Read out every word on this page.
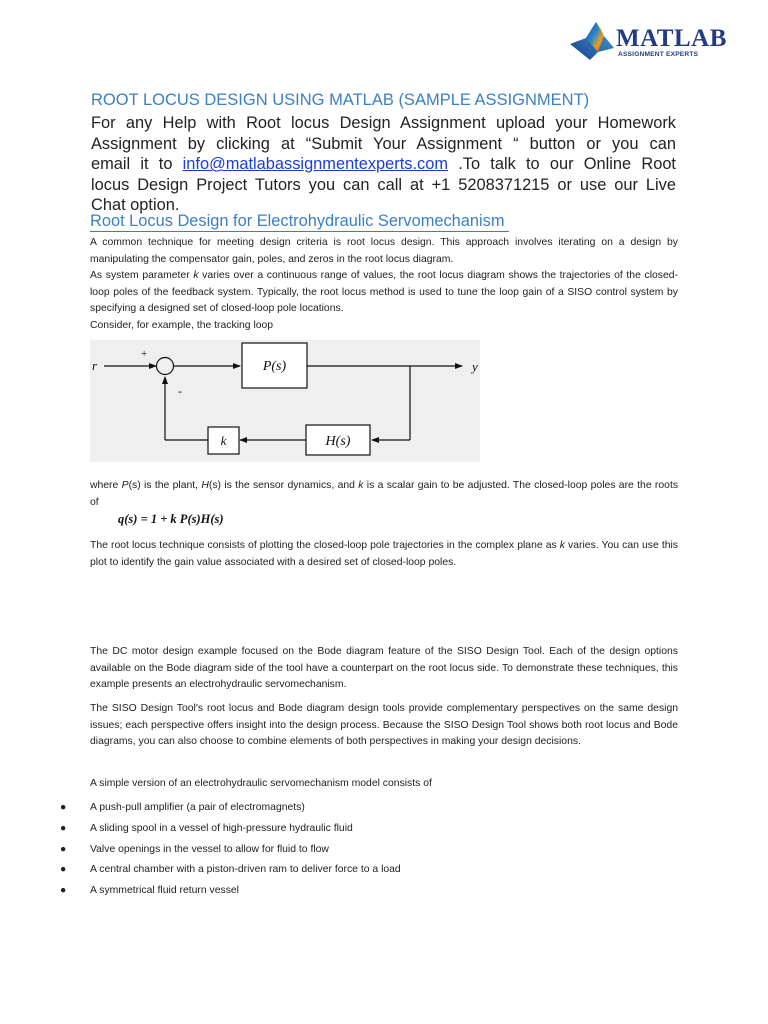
MATLAB
ASSIGNMENT EXPERTS
ROOT LOCUS DESIGN USING MATLAB (SAMPLE ASSIGNMENT)
For any Help with Root locus Design Assignment upload your Homework
Assignment by clicking at “Submit Your Assignment “ button or you can
email it to info@matlabassignmentexperts.com .To talk to our Online Root
locus Design Project Tutors you can call at +1 5208371215 or use our Live
Chat option.
Root Locus Design for Electrohydraulic Servomechanism

A common technique for meeting design criteria is root locus design. This approach involves iterating on a design by manipulating the compensator gain, poles, and zeros in the root locus diagram.

As system parameter k varies over a continuous range of values, the root locus diagram shows the trajectories of the closed-loop poles of the feedback system. Typically, the root locus method is used to tune the loop gain of a SISO control system by specifying a designed set of closed-loop pole locations.

Consider, for example, the tracking loop

r
+
-
P(s)	y
H(s)
k

where P(s) is the plant, H(s) is the sensor dynamics, and k is a scalar gain to be adjusted. The closed-loop poles are the roots of

q(s) = 1 + k P(s)H(s)

The root locus technique consists of plotting the closed-loop pole trajectories in the complex plane as k varies. You can use this plot to identify the gain value associated with a desired set of closed-loop poles.

The DC motor design example focused on the Bode diagram feature of the SISO Design Tool. Each of the design options available on the Bode diagram side of the tool have a counterpart on the root locus side. To demonstrate these techniques, this example presents an electrohydraulic servomechanism.

The SISO Design Tool's root locus and Bode diagram design tools provide complementary perspectives on the same design issues; each perspective offers insight into the design process. Because the SISO Design Tool shows both root locus and Bode diagrams, you can also choose to combine elements of both perspectives in making your design decisions.

A simple version of an electrohydraulic servomechanism model consists of

● A push-pull amplifier (a pair of electromagnets)
● A sliding spool in a vessel of high-pressure hydraulic fluid
● Valve openings in the vessel to allow for fluid to flow
● A central chamber with a piston-driven ram to deliver force to a load
● A symmetrical fluid return vessel
